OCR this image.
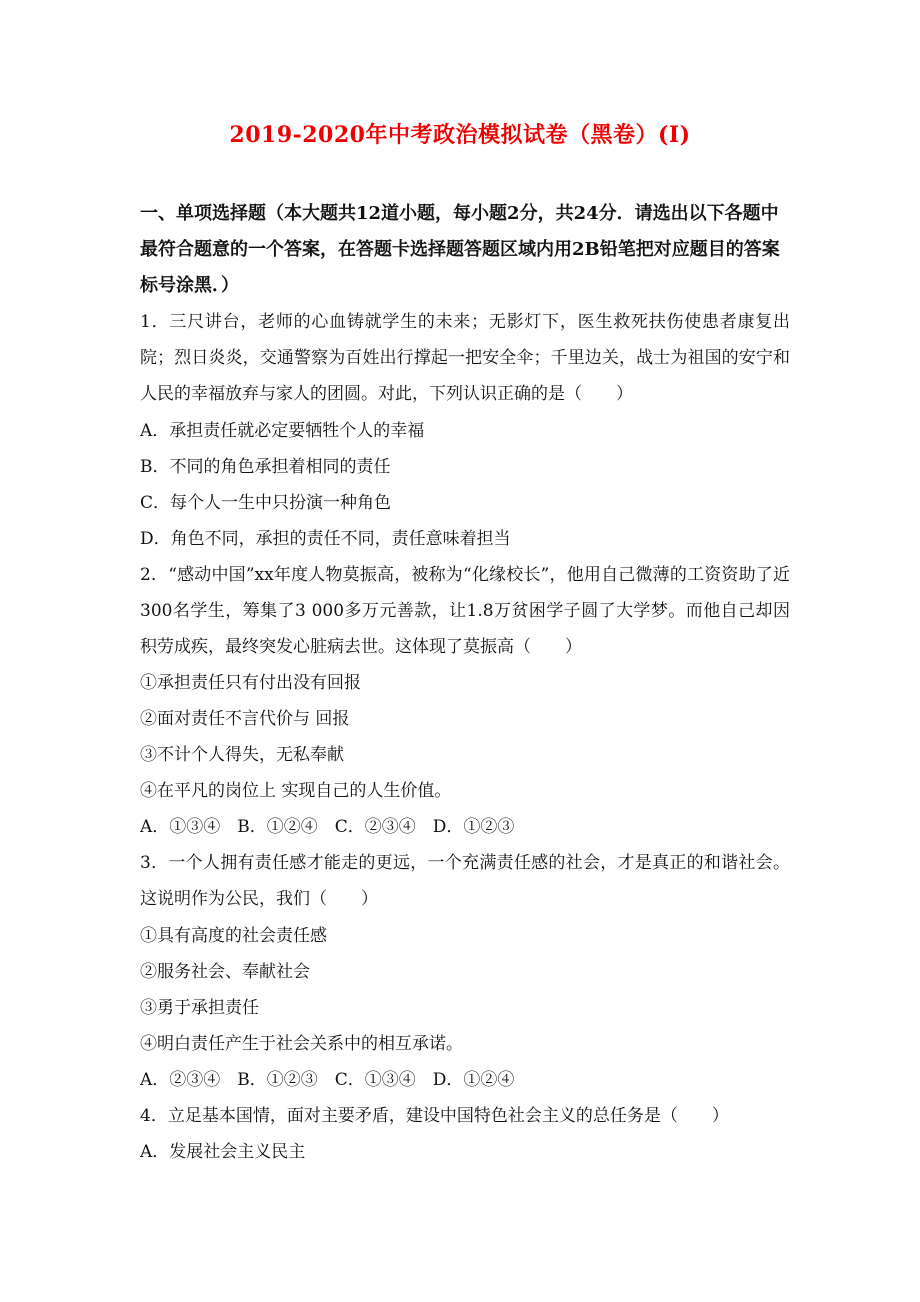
2019-2020年中考政治模拟试卷（黑卷）(I)

一、单项选择题（本大题共12道小题，每小题2分，共24分．请选出以下各题中最符合题意的一个答案，在答题卡选择题答题区域内用2B铅笔把对应题目的答案标号涂黑．）

1．三尺讲台，老师的心血铸就学生的未来；无影灯下，医生救死扶伤使患者康复出院；烈日炎炎，交通警察为百姓出行撑起一把安全伞；千里边关，战士为祖国的安宁和人民的幸福放弃与家人的团圆。对此，下列认识正确的是（　　）

A．承担责任就必定要牺牲个人的幸福

B．不同的角色承担着相同的责任

C．每个人一生中只扮演一种角色

D．角色不同，承担的责任不同，责任意味着担当

2．“感动中国”xx年度人物莫振高，被称为“化缘校长”，他用自己微薄的工资资助了近300名学生，筹集了3 000多万元善款，让1.8万贫困学子圆了大学梦。而他自己却因积劳成疾，最终突发心脏病去世。这体现了莫振高（　　）

①承担责任只有付出没有回报

②面对责任不言代价与 回报

③不计个人得失，无私奉献

④在平凡的岗位上 实现自己的人生价值。

A．①③④　B．①②④　C．②③④　D．①②③

3．一个人拥有责任感才能走的更远，一个充满责任感的社会，才是真正的和谐社会。这说明作为公民，我们（　　）

①具有高度的社会责任感

②服务社会、奉献社会

③勇于承担责任

④明白责任产生于社会关系中的相互承诺。

A．②③④　B．①②③　C．①③④　D．①②④

4．立足基本国情，面对主要矛盾，建设中国特色社会主义的总任务是（　　）

A．发展社会主义民主
